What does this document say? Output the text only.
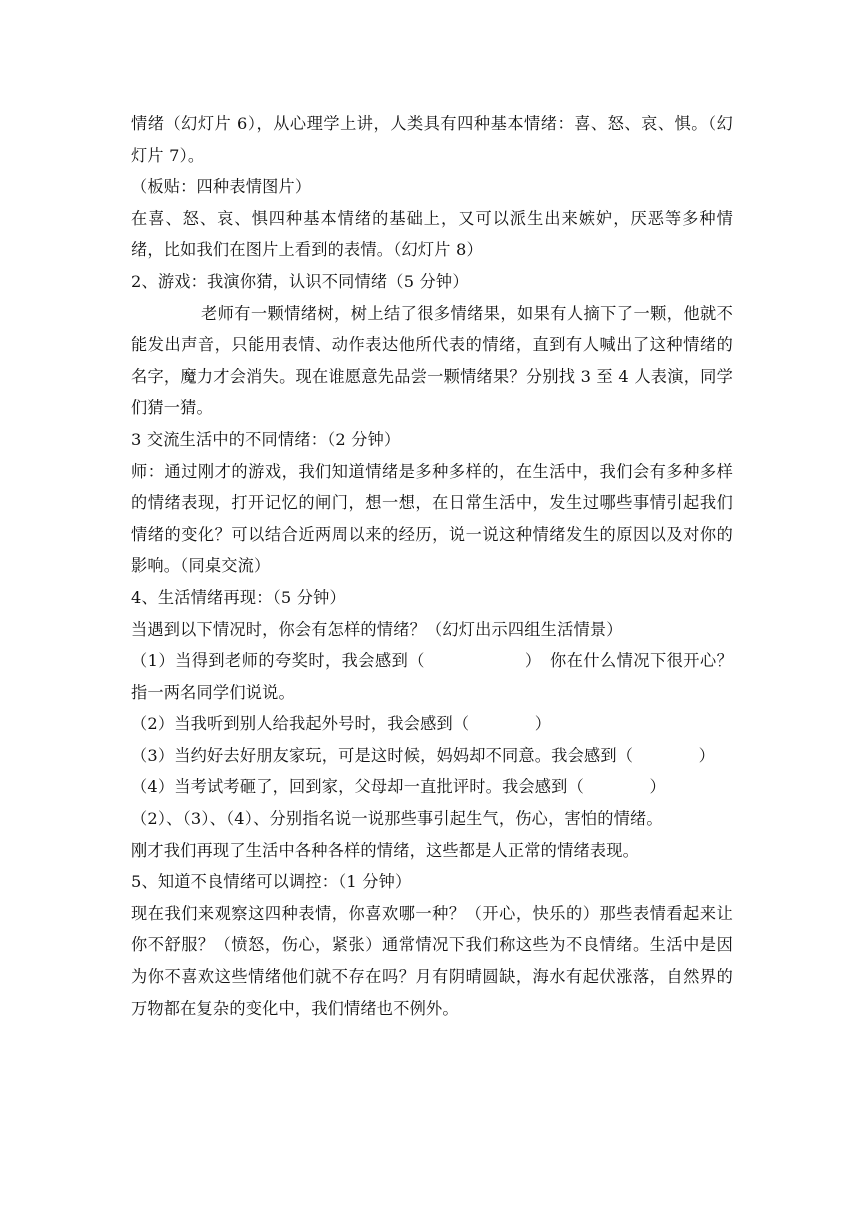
情绪（幻灯片 6），从心理学上讲，人类具有四种基本情绪：喜、怒、哀、惧。（幻灯片 7）。

（板贴：四种表情图片）

在喜、怒、哀、惧四种基本情绪的基础上，又可以派生出来嫉妒，厌恶等多种情绪，比如我们在图片上看到的表情。（幻灯片 8）

2、游戏：我演你猜，认识不同情绪（5 分钟）

老师有一颗情绪树，树上结了很多情绪果，如果有人摘下了一颗，他就不能发出声音，只能用表情、动作表达他所代表的情绪，直到有人喊出了这种情绪的名字，魔力才会消失。现在谁愿意先品尝一颗情绪果？分别找 3 至 4 人表演，同学们猜一猜。

3 交流生活中的不同情绪：（2 分钟）

师：通过刚才的游戏，我们知道情绪是多种多样的，在生活中，我们会有多种多样的情绪表现，打开记忆的闸门，想一想，在日常生活中，发生过哪些事情引起我们情绪的变化？可以结合近两周以来的经历，说一说这种情绪发生的原因以及对你的影响。（同桌交流）

4、生活情绪再现：（5 分钟）

当遇到以下情况时，你会有怎样的情绪？（幻灯出示四组生活情景）

（1）当得到老师的夸奖时，我会感到（　　　　　　）　你在什么情况下很开心？指一两名同学们说说。

（2）当我听到别人给我起外号时，我会感到（　　　　）

（3）当约好去好朋友家玩，可是这时候，妈妈却不同意。我会感到（　　　　）

（4）当考试考砸了，回到家，父母却一直批评时。我会感到（　　　　）

（2）、（3）、（4）、分别指名说一说那些事引起生气，伤心，害怕的情绪。

刚才我们再现了生活中各种各样的情绪，这些都是人正常的情绪表现。

5、知道不良情绪可以调控：（1 分钟）

现在我们来观察这四种表情，你喜欢哪一种？（开心，快乐的）那些表情看起来让你不舒服？（愤怒，伤心，紧张）通常情况下我们称这些为不良情绪。生活中是因为你不喜欢这些情绪他们就不存在吗？月有阴晴圆缺，海水有起伏涨落，自然界的万物都在复杂的变化中，我们情绪也不例外。
